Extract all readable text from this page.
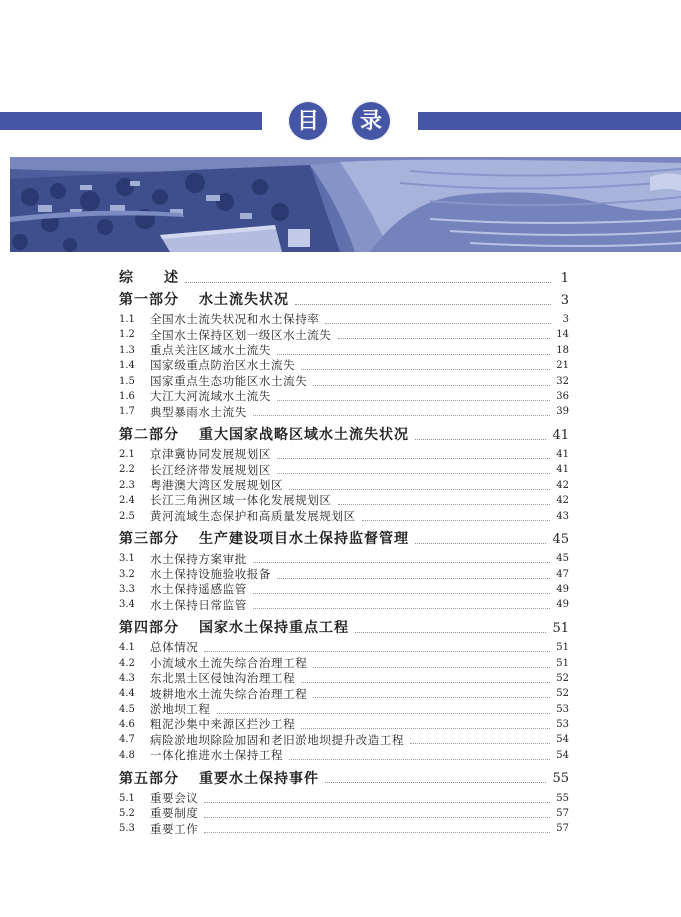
目	录
综　　述	1
第一部分 水土流失状况	3
1.1	全国水土流失状况和水土保持率	3
1.2	全国水土保持区划一级区水土流失	14
1.3	重点关注区域水土流失	18
1.4	国家级重点防治区水土流失	21
1.5	国家重点生态功能区水土流失	32
1.6	大江大河流域水土流失	36
1.7	典型暴雨水土流失	39
第二部分 重大国家战略区域水土流失状况	41
2.1	京津冀协同发展规划区	41
2.2	长江经济带发展规划区	41
2.3	粤港澳大湾区发展规划区	42
2.4	长江三角洲区域一体化发展规划区	42
2.5	黄河流域生态保护和高质量发展规划区	43
第三部分 生产建设项目水土保持监督管理	45
3.1	水土保持方案审批	45
3.2	水土保持设施验收报备	47
3.3	水土保持遥感监管	49
3.4	水土保持日常监管	49
第四部分 国家水土保持重点工程	51
4.1	总体情况	51
4.2	小流域水土流失综合治理工程	51
4.3	东北黑土区侵蚀沟治理工程	52
4.4	坡耕地水土流失综合治理工程	52
4.5	淤地坝工程	53
4.6	粗泥沙集中来源区拦沙工程	53
4.7	病险淤地坝除险加固和老旧淤地坝提升改造工程	54
4.8	一体化推进水土保持工程	54
第五部分 重要水土保持事件	55
5.1	重要会议	55
5.2	重要制度	57
5.3	重要工作	57
